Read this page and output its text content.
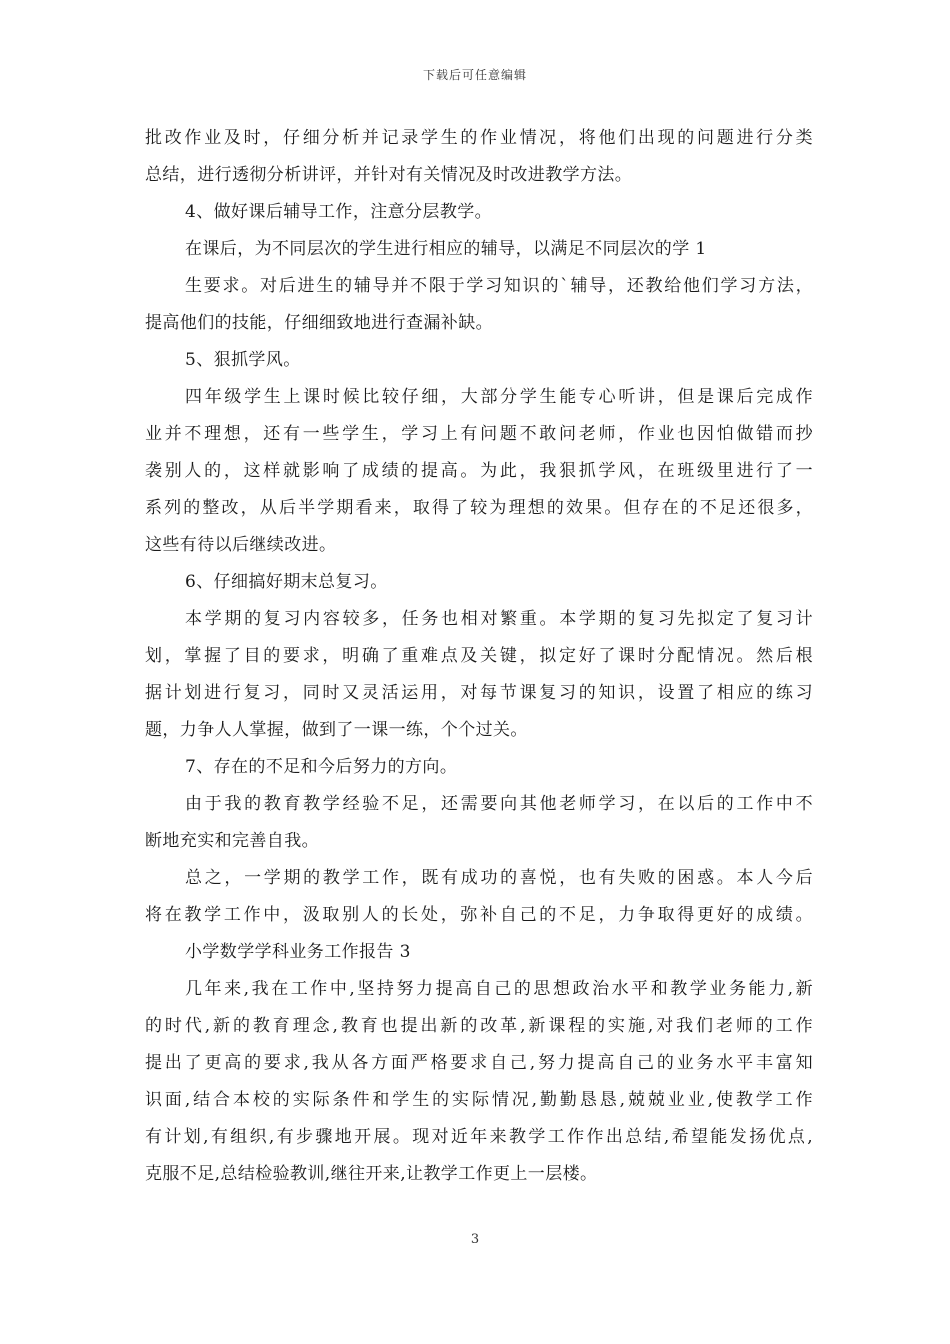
下载后可任意编辑
批改作业及时，仔细分析并记录学生的作业情况，将他们出现的问题进行分类
总结，进行透彻分析讲评，并针对有关情况及时改进教学方法。
4、做好课后辅导工作，注意分层教学。
在课后，为不同层次的学生进行相应的辅导，以满足不同层次的学 1
生要求。对后进生的辅导并不限于学习知识的`辅导，还教给他们学习方法，
提高他们的技能，仔细细致地进行查漏补缺。
5、狠抓学风。
四年级学生上课时候比较仔细，大部分学生能专心听讲，但是课后完成作
业并不理想，还有一些学生，学习上有问题不敢问老师，作业也因怕做错而抄
袭别人的，这样就影响了成绩的提高。为此，我狠抓学风，在班级里进行了一
系列的整改，从后半学期看来，取得了较为理想的效果。但存在的不足还很多，
这些有待以后继续改进。
6、仔细搞好期末总复习。
本学期的复习内容较多，任务也相对繁重。本学期的复习先拟定了复习计
划，掌握了目的要求，明确了重难点及关键，拟定好了课时分配情况。然后根
据计划进行复习，同时又灵活运用，对每节课复习的知识，设置了相应的练习
题，力争人人掌握，做到了一课一练，个个过关。
7、存在的不足和今后努力的方向。
由于我的教育教学经验不足，还需要向其他老师学习，在以后的工作中不
断地充实和完善自我。
总之，一学期的教学工作，既有成功的喜悦，也有失败的困惑。本人今后
将在教学工作中，汲取别人的长处，弥补自己的不足，力争取得更好的成绩。
小学数学学科业务工作报告 3
几年来,我在工作中,坚持努力提高自己的思想政治水平和教学业务能力,新
的时代,新的教育理念,教育也提出新的改革,新课程的实施,对我们老师的工作
提出了更高的要求,我从各方面严格要求自己,努力提高自己的业务水平丰富知
识面,结合本校的实际条件和学生的实际情况,勤勤恳恳,兢兢业业,使教学工作
有计划,有组织,有步骤地开展。现对近年来教学工作作出总结,希望能发扬优点,
克服不足,总结检验教训,继往开来,让教学工作更上一层楼。
3
